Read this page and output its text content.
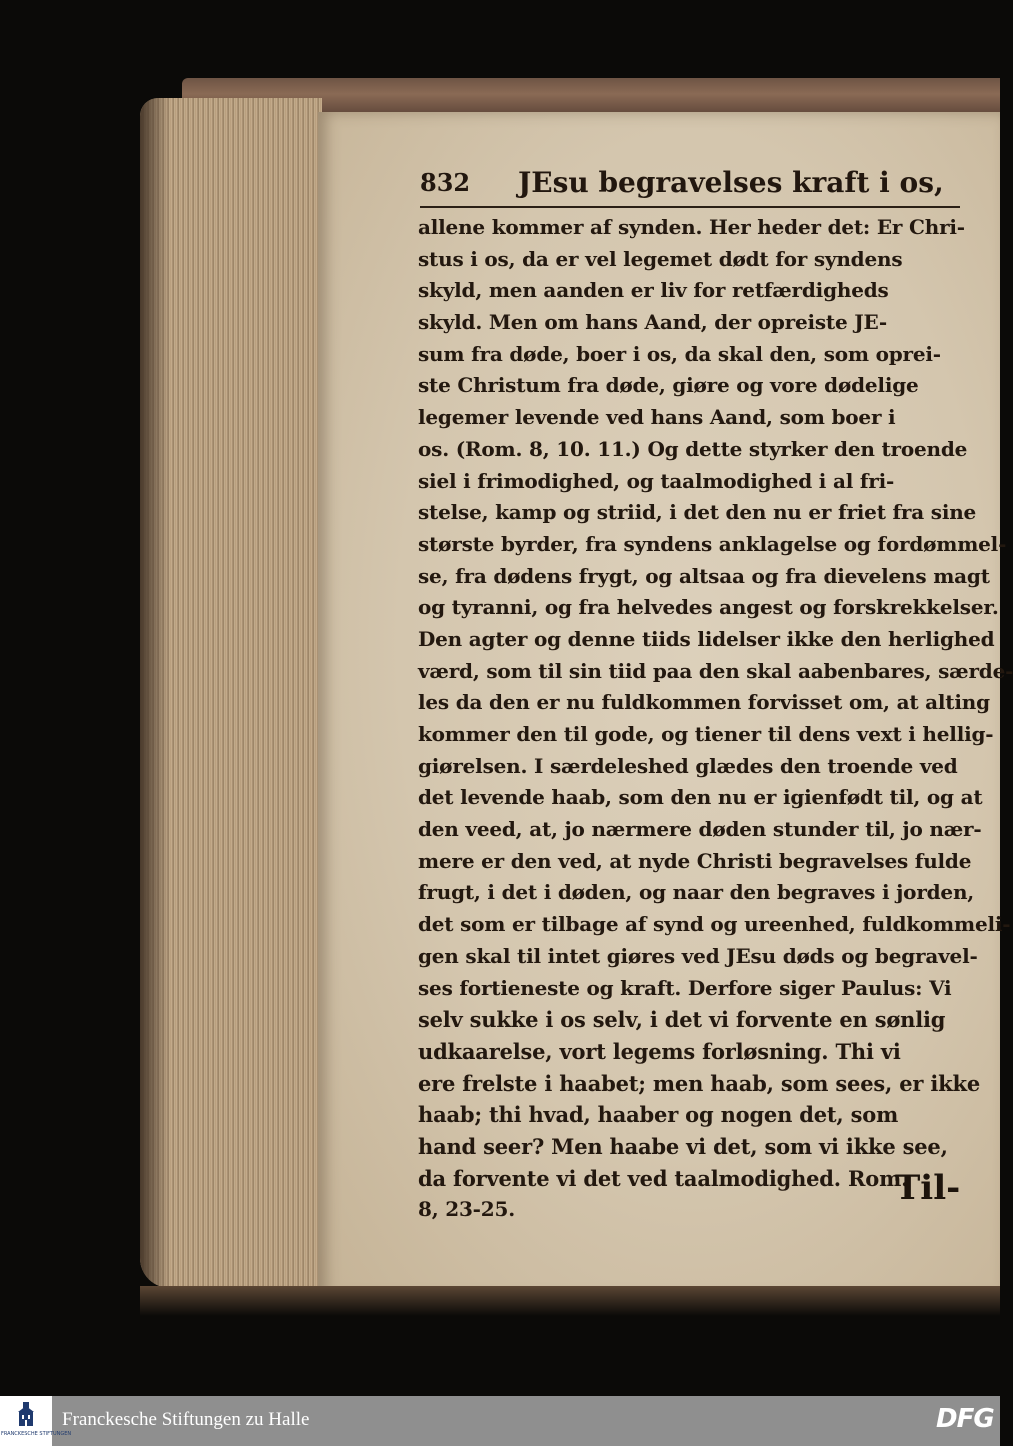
832 JEsu begravelses kraft i os,
allene kommer af synden. Her heder det: Er Chri-
stus i os, da er vel legemet dødt for syndens
skyld, men aanden er liv for retfærdigheds
skyld. Men om hans Aand, der opreiste JE-
sum fra døde, boer i os, da skal den, som oprei-
ste Christum fra døde, giøre og vore dødelige
legemer levende ved hans Aand, som boer i
os. (Rom. 8, 10. 11.) Og dette styrker den troende
siel i frimodighed, og taalmodighed i al fri-
stelse, kamp og striid, i det den nu er friet fra sine
største byrder, fra syndens anklagelse og fordømmel-
se, fra dødens frygt, og altsaa og fra dievelens magt
og tyranni, og fra helvedes angest og forskrekkelser.
Den agter og denne tiids lidelser ikke den herlighed
værd, som til sin tiid paa den skal aabenbares, særde-
les da den er nu fuldkommen forvisset om, at alting
kommer den til gode, og tiener til dens vext i hellig-
giørelsen. I særdeleshed glædes den troende ved
det levende haab, som den nu er igienfødt til, og at
den veed, at, jo nærmere døden stunder til, jo nær-
mere er den ved, at nyde Christi begravelses fulde
frugt, i det i døden, og naar den begraves i jorden,
det som er tilbage af synd og ureenhed, fuldkommeli-
gen skal til intet giøres ved JEsu døds og begravel-
ses fortieneste og kraft. Derfore siger Paulus: Vi
selv sukke i os selv, i det vi forvente en sønlig
udkaarelse, vort legems forløsning. Thi vi
ere frelste i haabet; men haab, som sees, er ikke
haab; thi hvad, haaber og nogen det, som
hand seer? Men haabe vi det, som vi ikke see,
da forvente vi det ved taalmodighed. Rom.
8, 23-25.
Til-
FRANCKESCHE STIFTUNGEN
Franckesche Stiftungen zu Halle	DFG
